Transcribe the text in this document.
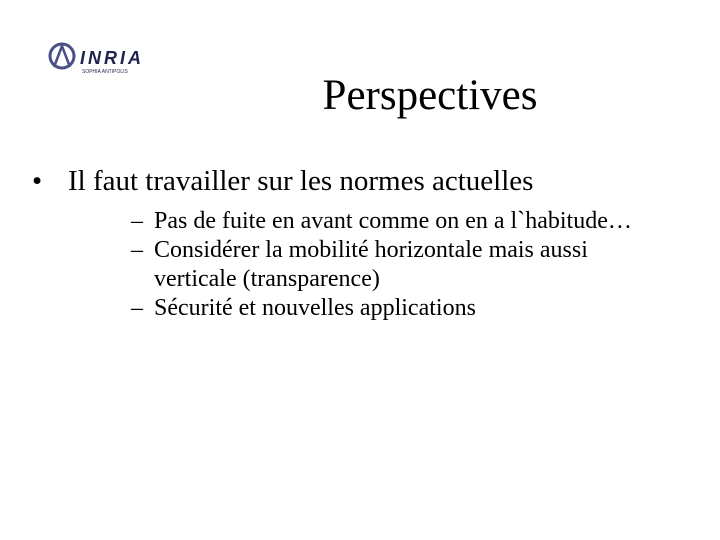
INRIA
SOPHIA ANTIPOLIS	Perspectives
• Il faut travailler sur les normes actuelles
– Pas de fuite en avant comme on en a l`habitude…
– Considérer la mobilité horizontale mais aussi verticale (transparence)
– Sécurité et nouvelles applications
